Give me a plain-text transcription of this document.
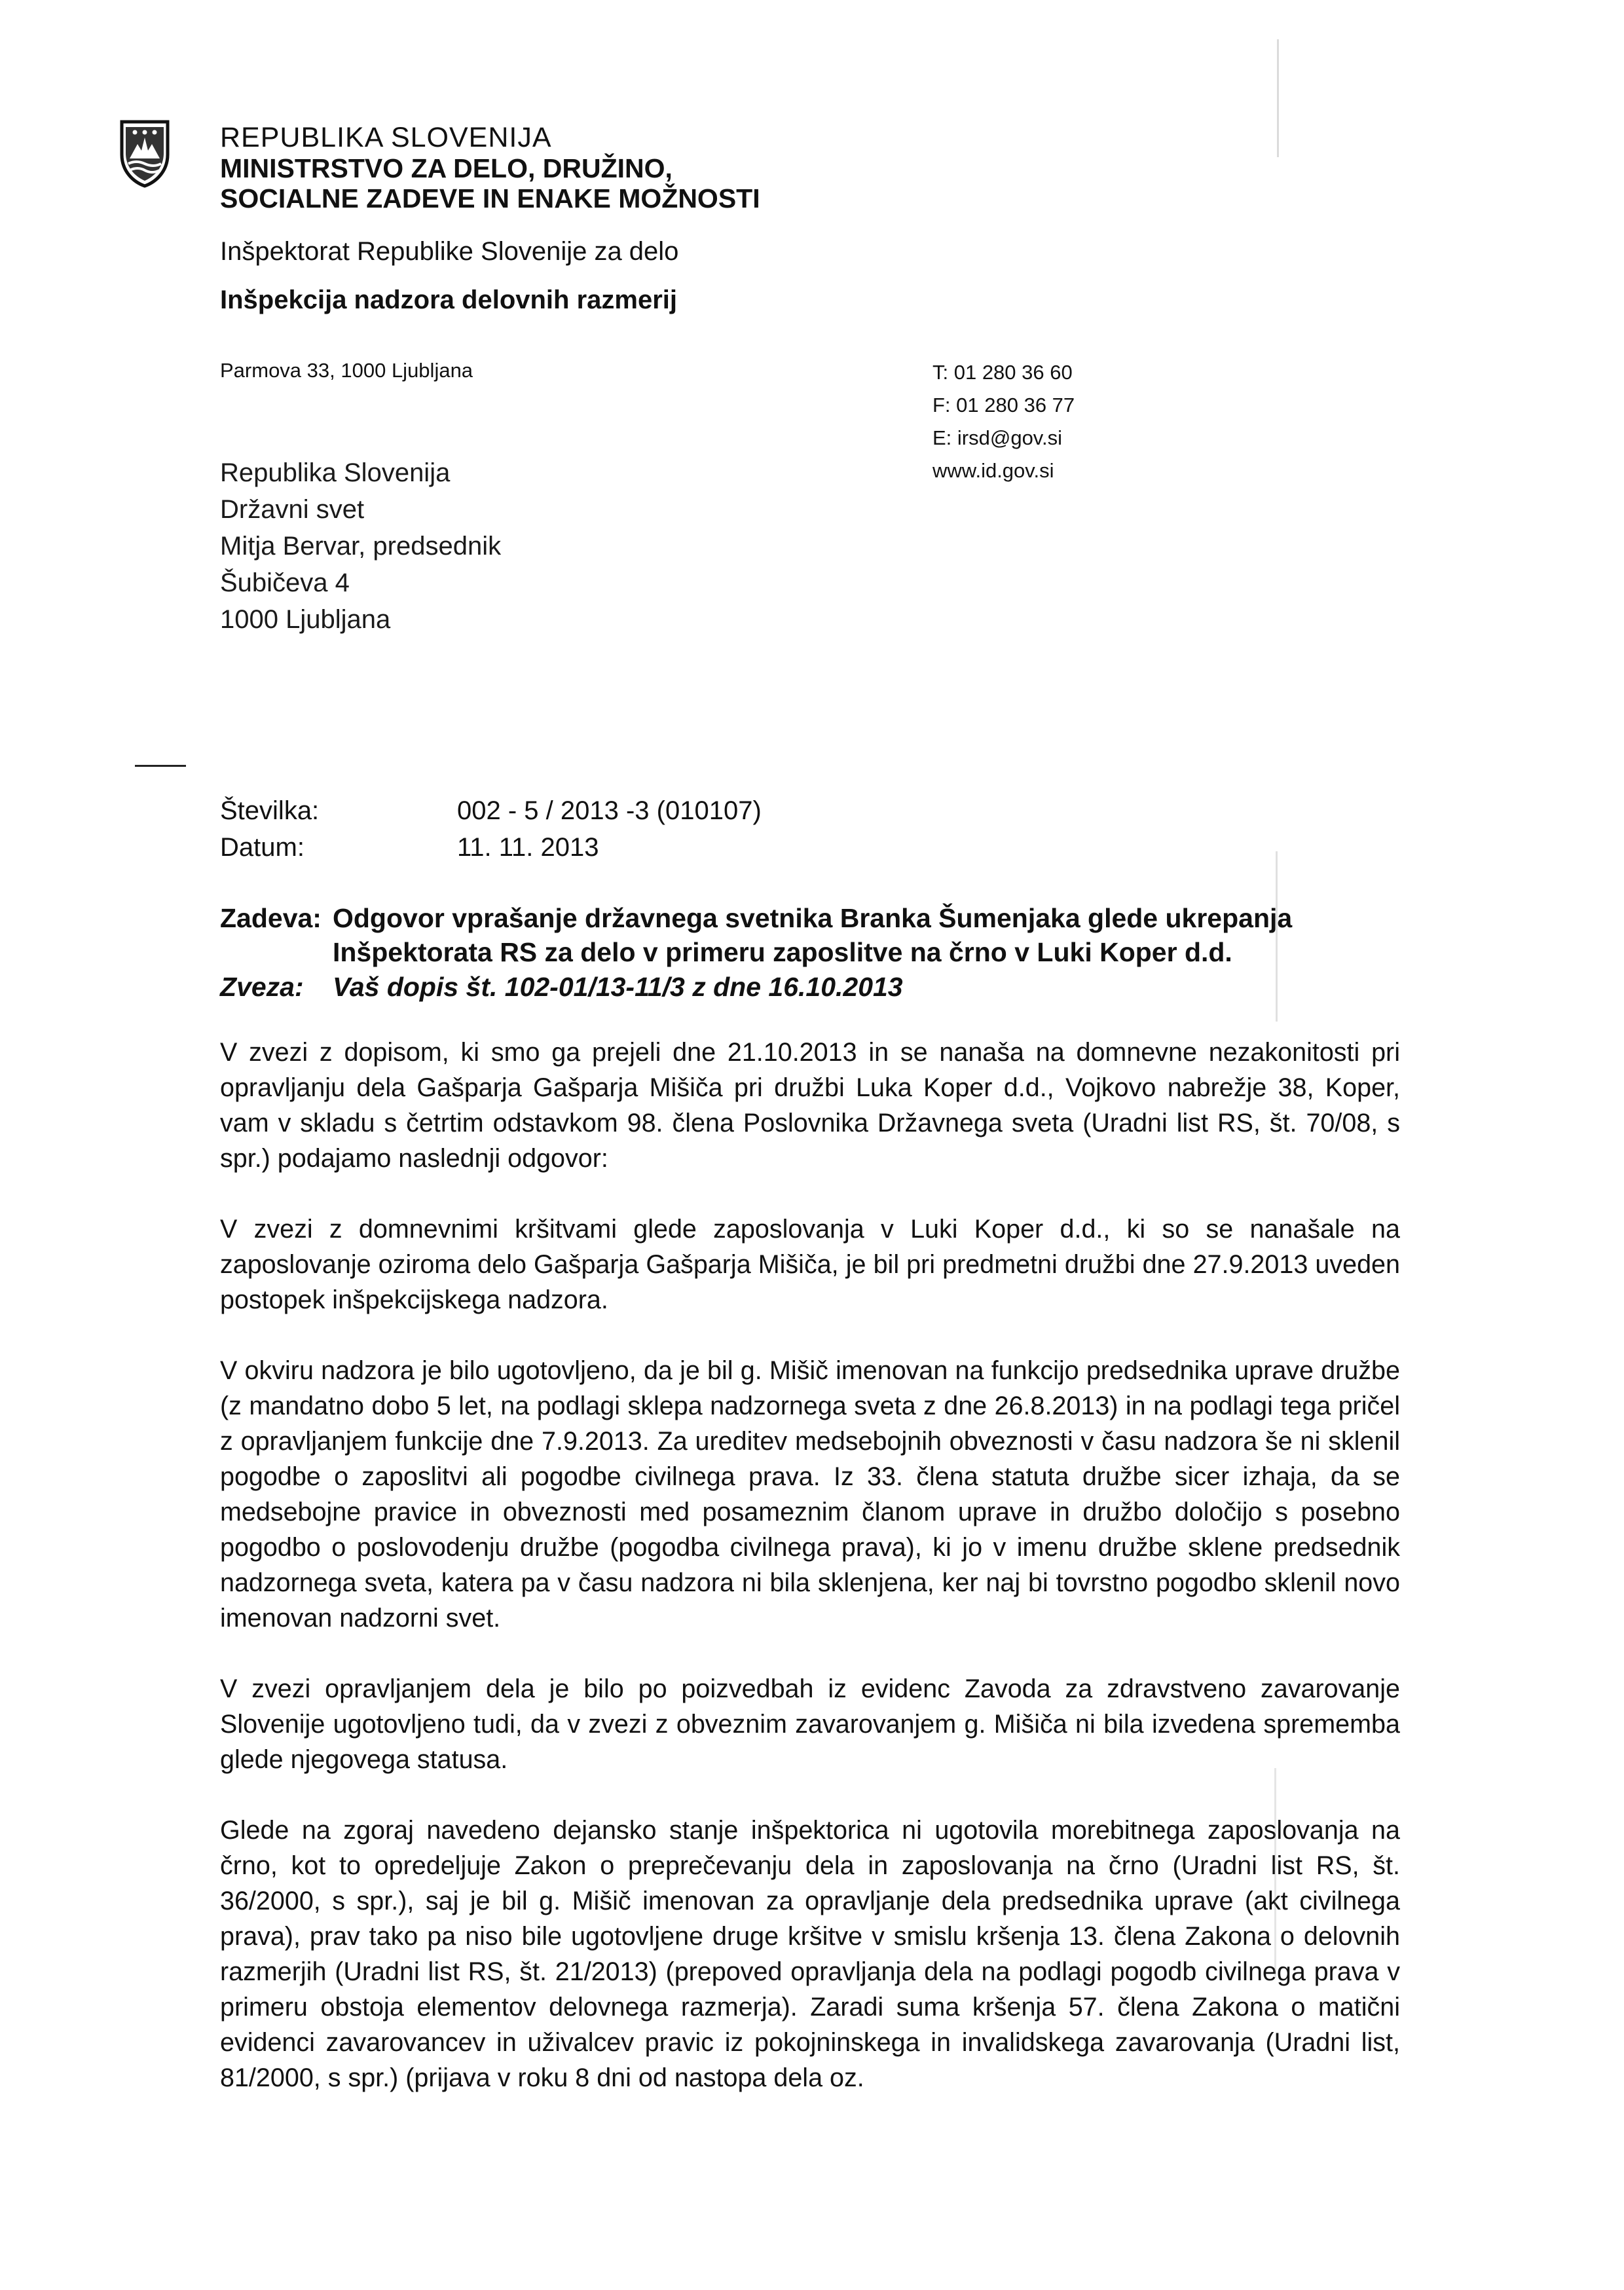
REPUBLIKA SLOVENIJA
MINISTRSTVO ZA DELO, DRUŽINO,
SOCIALNE ZADEVE IN ENAKE MOŽNOSTI
Inšpektorat Republike Slovenije za delo
Inšpekcija nadzora delovnih razmerij
Parmova 33, 1000 Ljubljana	T: 01 280 36 60
F: 01 280 36 77
E: irsd@gov.si
www.id.gov.si
Republika Slovenija
Državni svet
Mitja Bervar, predsednik
Šubičeva 4
1000 Ljubljana
Številka:	002 - 5 / 2013 -3 (010107)
Datum:	11. 11. 2013
Zadeva: Odgovor vprašanje državnega svetnika Branka Šumenjaka glede ukrepanja
Inšpektorata RS za delo v primeru zaposlitve na črno v Luki Koper d.d.
Zveza: Vaš dopis št. 102-01/13-11/3 z dne 16.10.2013

V zvezi z dopisom, ki smo ga prejeli dne 21.10.2013 in se nanaša na domnevne nezakonitosti pri opravljanju dela Gašparja Gašparja Mišiča pri družbi Luka Koper d.d., Vojkovo nabrežje 38, Koper, vam v skladu s četrtim odstavkom 98. člena Poslovnika Državnega sveta (Uradni list RS, št. 70/08, s spr.) podajamo naslednji odgovor:

V zvezi z domnevnimi kršitvami glede zaposlovanja v Luki Koper d.d., ki so se nanašale na zaposlovanje oziroma delo Gašparja Gašparja Mišiča, je bil pri predmetni družbi dne 27.9.2013 uveden postopek inšpekcijskega nadzora.

V okviru nadzora je bilo ugotovljeno, da je bil g. Mišič imenovan na funkcijo predsednika uprave družbe (z mandatno dobo 5 let, na podlagi sklepa nadzornega sveta z dne 26.8.2013) in na podlagi tega pričel z opravljanjem funkcije dne 7.9.2013. Za ureditev medsebojnih obveznosti v času nadzora še ni sklenil pogodbe o zaposlitvi ali pogodbe civilnega prava. Iz 33. člena statuta družbe sicer izhaja, da se medsebojne pravice in obveznosti med posameznim članom uprave in družbo določijo s posebno pogodbo o poslovodenju družbe (pogodba civilnega prava), ki jo v imenu družbe sklene predsednik nadzornega sveta, katera pa v času nadzora ni bila sklenjena, ker naj bi tovrstno pogodbo sklenil novo imenovan nadzorni svet.

V zvezi opravljanjem dela je bilo po poizvedbah iz evidenc Zavoda za zdravstveno zavarovanje Slovenije ugotovljeno tudi, da v zvezi z obveznim zavarovanjem g. Mišiča ni bila izvedena sprememba glede njegovega statusa.

Glede na zgoraj navedeno dejansko stanje inšpektorica ni ugotovila morebitnega zaposlovanja na črno, kot to opredeljuje Zakon o preprečevanju dela in zaposlovanja na črno (Uradni list RS, št. 36/2000, s spr.), saj je bil g. Mišič imenovan za opravljanje dela predsednika uprave (akt civilnega prava), prav tako pa niso bile ugotovljene druge kršitve v smislu kršenja 13. člena Zakona o delovnih razmerjih (Uradni list RS, št. 21/2013) (prepoved opravljanja dela na podlagi pogodb civilnega prava v primeru obstoja elementov delovnega razmerja). Zaradi suma kršenja 57. člena Zakona o matični evidenci zavarovancev in uživalcev pravic iz pokojninskega in invalidskega zavarovanja (Uradni list, 81/2000, s spr.) (prijava v roku 8 dni od nastopa dela oz.
